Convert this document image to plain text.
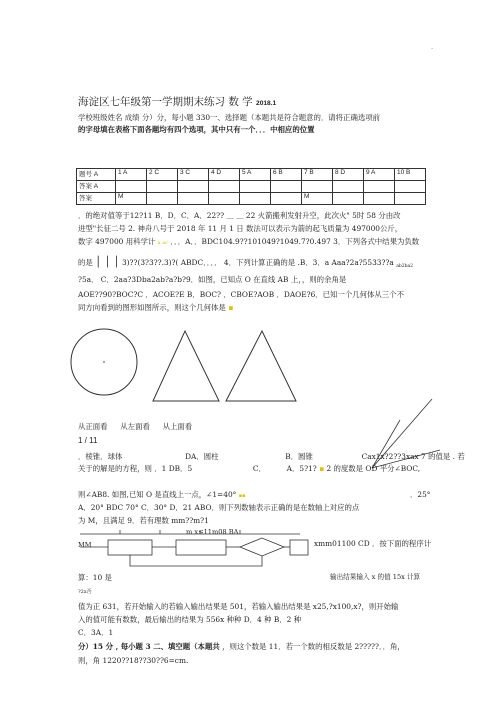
-
海淀区七年级第一学期期末练习 数 学 2018.1
学校班级姓名 成绩 分）分，每小题 330一、选择题（本题共是符合题意的．请将正确选项前
的字母填在表格下面各题均有四个选项，其中只有一个．．．中相应的位置
题号 A	1 A	2 C	3 C	4 D	5 A	6 B	7 B	8 D	9 A	10 B
答案 A										
答案	M						M			
．的绝对值等于12?11 B．D．C．A．22?? ＿ ＿ 22 火箭搬利发射升空，此次火" 5时 58 分由改
进型"长征二号 2. 神舟八号于 2018 年 11 月 1 日 数法可以表示为箭的起飞质量为 497000公斤，
数字 497000 用科学计 a ac ．．．A．．BDC104.9??101049?1049.7?0.497 3．下列各式中结果为负数
的是 │ │ │ 3)??(3?3??.3)?( ABDC．．．． 4．下列计算正确的是 .B．3．a Aaa?2a?5533??a $_{ab2ba2}$
?5a． C．2aa?3Dba2ab?a?b?9．如图，已知点 O 在直线 AB 上，，则的余角是
AOE??90?BOC?C ．ACOE?E B．BOC? ．CBOE?AOB ．DAOE?6．已知一个几何体从三个不
同方向看到的图形如图所示，则这个几何体是 ▪
从正面看 从左面看 从上面看
1 / 11
．棱锥．球体	DA．圆柱	B．圆锥	Cax1x?2??3xax 7 的值是 . 若
关于的解是的方程，则 ．1 DB．5	C．	A．5?1? ▪ 2 的度数是 OD 平分∠BOC,
则∠AB8. 如图,已知 O 是直线上一点，∠1=40° ▪▪	．25°
A．20° BDC 70° C．30° D．21 ABO．则下列数轴表示正确的是在数轴上对应的点
为 M，且满足 9．若有理数 mm??m?1
m x≤11m08 BA
MM	xmm01100 CD ．按下面的程序计
算：10 是	输出结果输入 x 的值 15x 计算
?2x否
值为正 631，若开始输入的若输入输出结果是 501，若输入输出结果是 x25,?x100,x?，则开始输
入的值可能有数数，最后输出的结果为 556x 种种 D．4 种 B．2 种
C．3A．1
分）15 分 , 每小题 3 二、填空题（本题共 ，则这个数是 11．若一个数的相反数是 2?????．．角，
则，角 1220??18??30??6=cm.
